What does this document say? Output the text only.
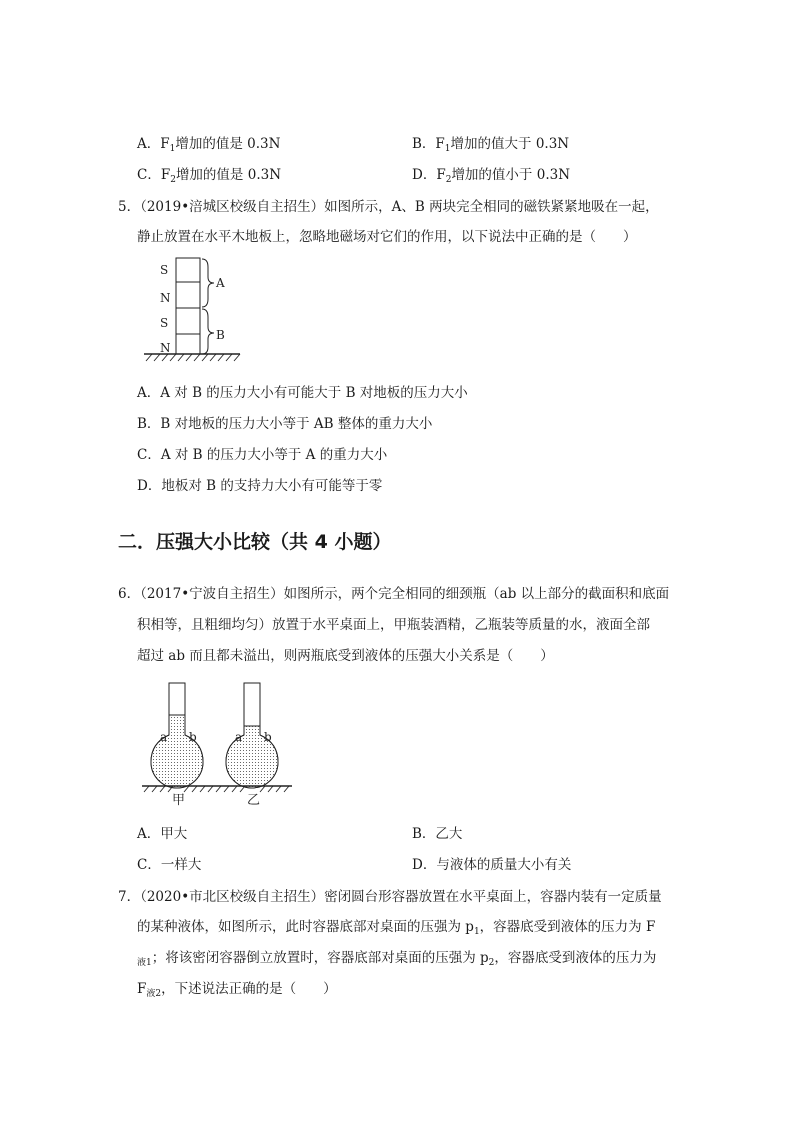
A．$F_1$增加的值是 0.3N	B．$F_1$增加的值大于 0.3N
C．$F_2$增加的值是 0.3N	D．$F_2$增加的值小于 0.3N
5．（2019•涪城区校级自主招生）如图所示，A、B 两块完全相同的磁铁紧紧地吸在一起，
静止放置在水平木地板上，忽略地磁场对它们的作用，以下说法中正确的是（　　）
S
N
S
N
A
B
A．A 对 B 的压力大小有可能大于 B 对地板的压力大小
B．B 对地板的压力大小等于 AB 整体的重力大小
C．A 对 B 的压力大小等于 A 的重力大小
D．地板对 B 的支持力大小有可能等于零
二．压强大小比较（共 4 小题）
6．（2017•宁波自主招生）如图所示，两个完全相同的细颈瓶（ab 以上部分的截面积和底面
积相等，且粗细均匀）放置于水平桌面上，甲瓶装酒精，乙瓶装等质量的水，液面全部
超过 ab 而且都未溢出，则两瓶底受到液体的压强大小关系是（　　）
a b	a b
甲	乙
A．甲大	B．乙大
C．一样大	D．与液体的质量大小有关
7．（2020•市北区校级自主招生）密闭圆台形容器放置在水平桌面上，容器内装有一定质量
的某种液体，如图所示，此时容器底部对桌面的压强为 $p_1$，容器底受到液体的压力为 F
$_{液1}$；将该密闭容器倒立放置时，容器底部对桌面的压强为 $p_2$，容器底受到液体的压力为
$F_{液2}$，下述说法正确的是（　　）
